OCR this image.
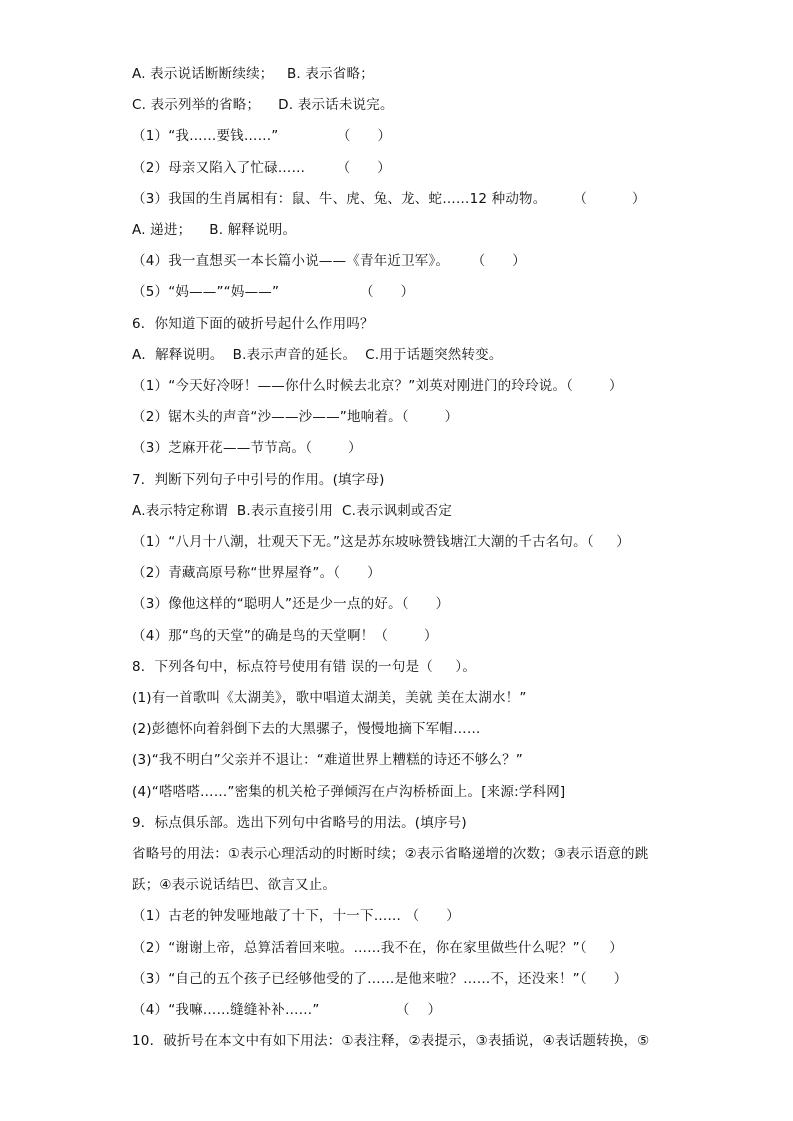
A. 表示说话断断续续；   B. 表示省略；
C. 表示列举的省略；    D. 表示话未说完。
（1）“我……要钱……”             （      ）
（2）母亲又陷入了忙碌……       （      ）
（3）我国的生肖属相有：鼠、牛、虎、兔、龙、蛇……12 种动物。      （          ）
A. 递进；    B. 解释说明。
（4）我一直想买一本长篇小说——《青年近卫军》。     （      ）
（5）“妈——”“妈——”                  （      ）
6．你知道下面的破折号起什么作用吗？
A．解释说明。  B.表示声音的延长。  C.用于话题突然转变。
（1）“今天好冷呀！——你什么时候去北京？”刘英对刚进门的玲玲说。（        ）
（2）锯木头的声音“沙——沙——”地响着。（        ）
（3）芝麻开花——节节高。（        ）
7．判断下列句子中引号的作用。(填字母)
A.表示特定称谓  B.表示直接引用  C.表示讽刺或否定
（1）“八月十八潮，壮观天下无。”这是苏东坡咏赞钱塘江大潮的千古名句。（     ）
（2）青藏高原号称“世界屋脊”。（      ）
（3）像他这样的“聪明人”还是少一点的好。（      ）
（4）那“鸟的天堂”的确是鸟的天堂啊！（        ）
8．下列各句中，标点符号使用有错 误的一句是（     ）。
(1)有一首歌叫《太湖美》，歌中唱道太湖美，美就 美在太湖水！”
(2)彭德怀向着斜倒下去的大黑骡子，慢慢地摘下军帽……
(3)“我不明白”父亲并不退让：“难道世界上糟糕的诗还不够么？”
(4)“嗒嗒嗒……”密集的机关枪子弹倾泻在卢沟桥桥面上。[来源:学科网]
9．标点俱乐部。选出下列句中省略号的用法。(填序号)
省略号的用法：①表示心理活动的时断时续；②表示省略递增的次数；③表示语意的跳
跃；④表示说话结巴、欲言又止。
（1）古老的钟发哑地敲了十下，十一下…… （      ）
（2）“谢谢上帝，总算活着回来啦。……我不在，你在家里做些什么呢？”（     ）
（3）“自己的五个孩子已经够他受的了……是他来啦？……不，还没来！”（      ）
（4）“我嘛……缝缝补补……”                 （    ）
10．破折号在本文中有如下用法：①表注释，②表提示，③表插说，④表话题转换，⑤
